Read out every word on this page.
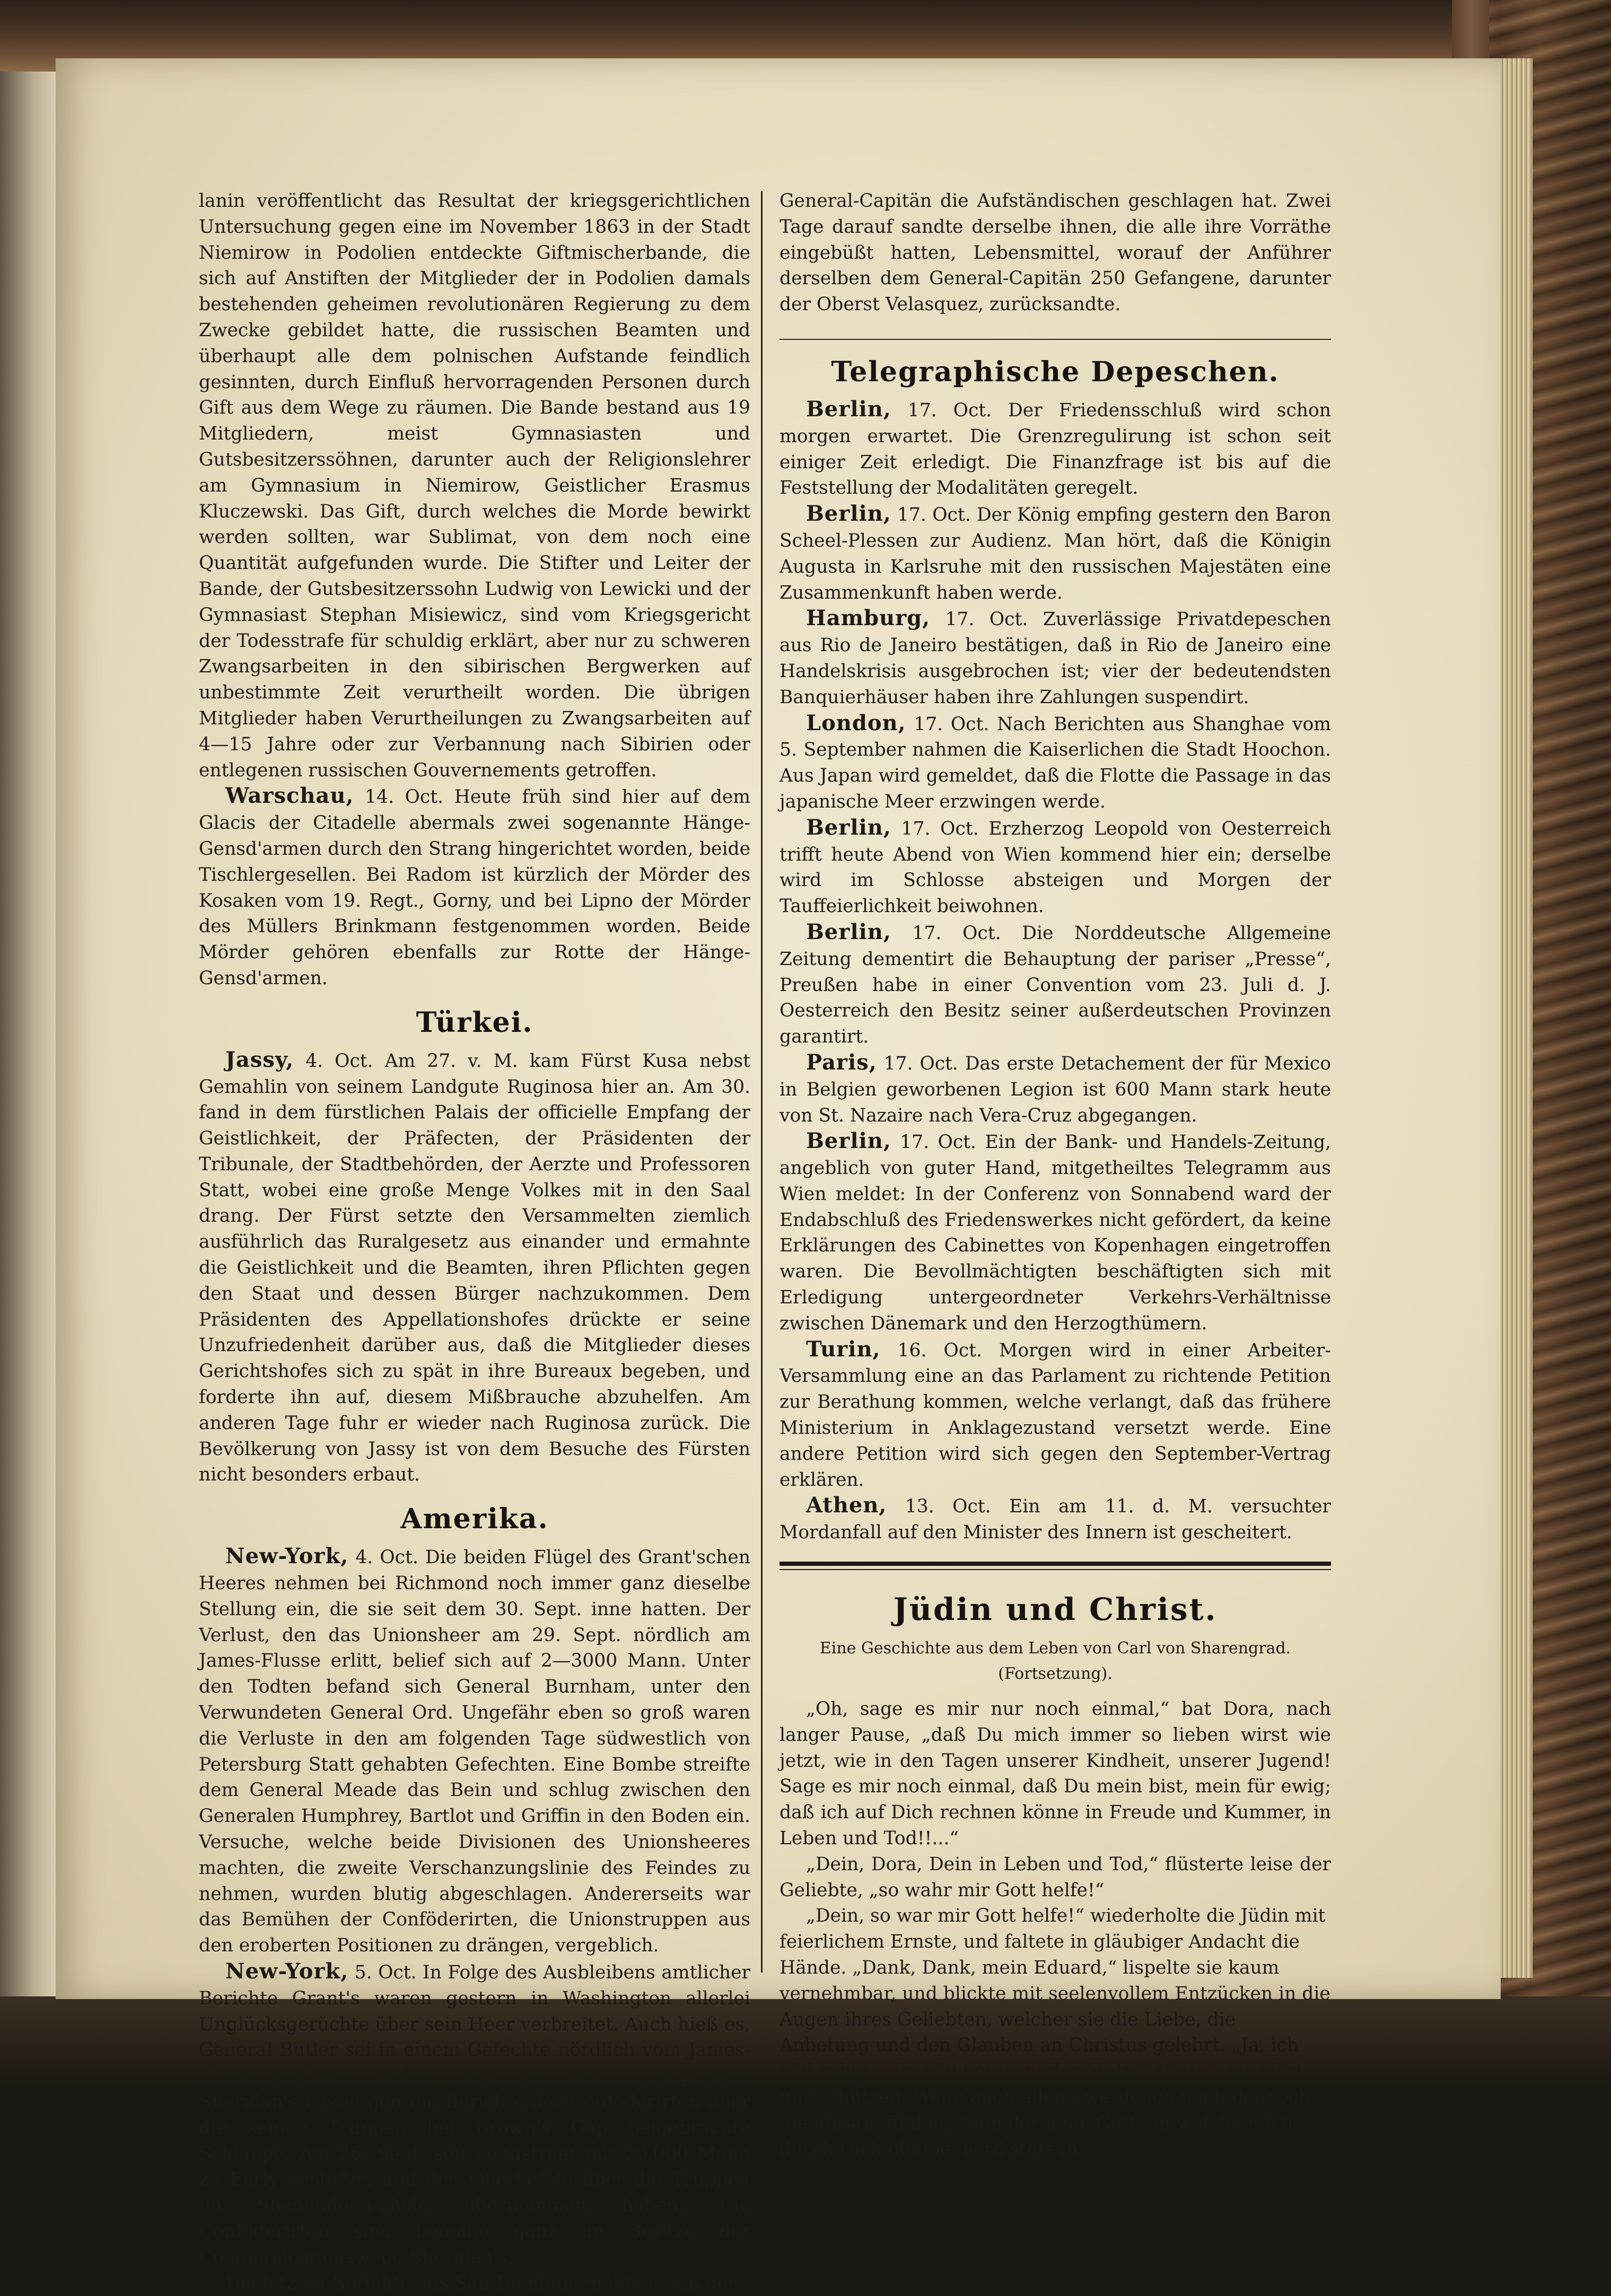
lanin veröffentlicht das Resultat der kriegsgerichtlichen Untersuchung gegen eine im November 1863 in der Stadt Niemirow in Podolien entdeckte Giftmischerbande, die sich auf Anstiften der Mitglieder der in Podolien damals bestehenden geheimen revolutionären Regierung zu dem Zwecke gebildet hatte, die russischen Beamten und überhaupt alle dem polnischen Aufstande feindlich gesinnten, durch Einfluß hervorragenden Personen durch Gift aus dem Wege zu räumen. Die Bande bestand aus 19 Mitgliedern, meist Gymnasiasten und Gutsbesitzerssöhnen, darunter auch der Religionslehrer am Gymnasium in Niemirow, Geistlicher Erasmus Kluczewski. Das Gift, durch welches die Morde bewirkt werden sollten, war Sublimat, von dem noch eine Quantität aufgefunden wurde. Die Stifter und Leiter der Bande, der Gutsbesitzerssohn Ludwig von Lewicki und der Gymnasiast Stephan Misiewicz, sind vom Kriegsgericht der Todesstrafe für schuldig erklärt, aber nur zu schweren Zwangsarbeiten in den sibirischen Bergwerken auf unbestimmte Zeit verurtheilt worden. Die übrigen Mitglieder haben Verurtheilungen zu Zwangsarbeiten auf 4—15 Jahre oder zur Verbannung nach Sibirien oder entlegenen russischen Gouvernements getroffen.

Warschau, 14. Oct. Heute früh sind hier auf dem Glacis der Citadelle abermals zwei sogenannte Hänge-Gensd'armen durch den Strang hingerichtet worden, beide Tischlergesellen. Bei Radom ist kürzlich der Mörder des Kosaken vom 19. Regt., Gorny, und bei Lipno der Mörder des Müllers Brinkmann festgenommen worden. Beide Mörder gehören ebenfalls zur Rotte der Hänge-Gensd'armen.

Türkei.

Jassy, 4. Oct. Am 27. v. M. kam Fürst Kusa nebst Gemahlin von seinem Landgute Ruginosa hier an. Am 30. fand in dem fürstlichen Palais der officielle Empfang der Geistlichkeit, der Präfecten, der Präsidenten der Tribunale, der Stadtbehörden, der Aerzte und Professoren Statt, wobei eine große Menge Volkes mit in den Saal drang. Der Fürst setzte den Versammelten ziemlich ausführlich das Ruralgesetz aus einander und ermahnte die Geistlichkeit und die Beamten, ihren Pflichten gegen den Staat und dessen Bürger nachzukommen. Dem Präsidenten des Appellationshofes drückte er seine Unzufriedenheit darüber aus, daß die Mitglieder dieses Gerichtshofes sich zu spät in ihre Bureaux begeben, und forderte ihn auf, diesem Mißbrauche abzuhelfen. Am anderen Tage fuhr er wieder nach Ruginosa zurück. Die Bevölkerung von Jassy ist von dem Besuche des Fürsten nicht besonders erbaut.

Amerika.

New-York, 4. Oct. Die beiden Flügel des Grant'schen Heeres nehmen bei Richmond noch immer ganz dieselbe Stellung ein, die sie seit dem 30. Sept. inne hatten. Der Verlust, den das Unionsheer am 29. Sept. nördlich am James-Flusse erlitt, belief sich auf 2—3000 Mann. Unter den Todten befand sich General Burnham, unter den Verwundeten General Ord. Ungefähr eben so groß waren die Verluste in den am folgenden Tage südwestlich von Petersburg Statt gehabten Gefechten. Eine Bombe streifte dem General Meade das Bein und schlug zwischen den Generalen Humphrey, Bartlot und Griffin in den Boden ein. Versuche, welche beide Divisionen des Unionsheeres machten, die zweite Verschanzungslinie des Feindes zu nehmen, wurden blutig abgeschlagen. Andererseits war das Bemühen der Conföderirten, die Unionstruppen aus den eroberten Positionen zu drängen, vergeblich.

New-York, 5. Oct. In Folge des Ausbleibens amtlicher Berichte Grant's waren gestern in Washington allerlei Unglücksgerüchte über sein Heer verbreitet. Auch hieß es, General Butler sei in einem Gefechte nördlich vom James-Flusse getödtet worden. Briefe aus dem Hauptquartier Sheridan's bestätigen die Berichte der Conföderirten über die seinen Truppen bei Brown's Gap beigebrachte Schlappe. Am 26. Sept. soll Longstreet mit 20,000 Mann zu Early gestoßen und den Oberbefehl über die Truppen im Shenandoah-Thale übernommen haben. Die Conföderirten sind beinahe ganz im Besitze der Communicationswege Sheridan's.

Die letzten Berichte aus San Domingo melden, daß der

General-Capitän die Aufständischen geschlagen hat. Zwei Tage darauf sandte derselbe ihnen, die alle ihre Vorräthe eingebüßt hatten, Lebensmittel, worauf der Anführer derselben dem General-Capitän 250 Gefangene, darunter der Oberst Velasquez, zurücksandte.

Telegraphische Depeschen.

Berlin, 17. Oct. Der Friedensschluß wird schon morgen erwartet. Die Grenzregulirung ist schon seit einiger Zeit erledigt. Die Finanzfrage ist bis auf die Feststellung der Modalitäten geregelt.

Berlin, 17. Oct. Der König empfing gestern den Baron Scheel-Plessen zur Audienz. Man hört, daß die Königin Augusta in Karlsruhe mit den russischen Majestäten eine Zusammenkunft haben werde.

Hamburg, 17. Oct. Zuverlässige Privatdepeschen aus Rio de Janeiro bestätigen, daß in Rio de Janeiro eine Handelskrisis ausgebrochen ist; vier der bedeutendsten Banquierhäuser haben ihre Zahlungen suspendirt.

London, 17. Oct. Nach Berichten aus Shanghae vom 5. September nahmen die Kaiserlichen die Stadt Hoochon. Aus Japan wird gemeldet, daß die Flotte die Passage in das japanische Meer erzwingen werde.

Berlin, 17. Oct. Erzherzog Leopold von Oesterreich trifft heute Abend von Wien kommend hier ein; derselbe wird im Schlosse absteigen und Morgen der Tauffeierlichkeit beiwohnen.

Berlin, 17. Oct. Die Norddeutsche Allgemeine Zeitung dementirt die Behauptung der pariser „Presse“, Preußen habe in einer Convention vom 23. Juli d. J. Oesterreich den Besitz seiner außerdeutschen Provinzen garantirt.

Paris, 17. Oct. Das erste Detachement der für Mexico in Belgien geworbenen Legion ist 600 Mann stark heute von St. Nazaire nach Vera-Cruz abgegangen.

Berlin, 17. Oct. Ein der Bank- und Handels-Zeitung, angeblich von guter Hand, mitgetheiltes Telegramm aus Wien meldet: In der Conferenz von Sonnabend ward der Endabschluß des Friedenswerkes nicht gefördert, da keine Erklärungen des Cabinettes von Kopenhagen eingetroffen waren. Die Bevollmächtigten beschäftigten sich mit Erledigung untergeordneter Verkehrs-Verhältnisse zwischen Dänemark und den Herzogthümern.

Turin, 16. Oct. Morgen wird in einer Arbeiter-Versammlung eine an das Parlament zu richtende Petition zur Berathung kommen, welche verlangt, daß das frühere Ministerium in Anklagezustand versetzt werde. Eine andere Petition wird sich gegen den September-Vertrag erklären.

Athen, 13. Oct. Ein am 11. d. M. versuchter Mordanfall auf den Minister des Innern ist gescheitert.

Jüdin und Christ.

Eine Geschichte aus dem Leben von Carl von Sharengrad.

(Fortsetzung).

„Oh, sage es mir nur noch einmal,“ bat Dora, nach langer Pause, „daß Du mich immer so lieben wirst wie jetzt, wie in den Tagen unserer Kindheit, unserer Jugend! Sage es mir noch einmal, daß Du mein bist, mein für ewig; daß ich auf Dich rechnen könne in Freude und Kummer, in Leben und Tod!!...“

„Dein, Dora, Dein in Leben und Tod,“ flüsterte leise der Geliebte, „so wahr mir Gott helfe!“

„Dein, so war mir Gott helfe!“ wiederholte die Jüdin mit feierlichem Ernste, und faltete in gläubiger Andacht die Hände. „Dank, Dank, mein Eduard,“ lispelte sie kaum vernehmbar, und blickte mit seelenvollem Entzücken in die Augen ihres Geliebten, welcher sie die Liebe, die Anbetung und den Glauben an Christus gelehrt. „Ja, ich will ruhig sein, will beten zu der Mutter Gottes, sie wird uns schützen. Wenn auch allein, werde ich mich dennoch nie einsam fühlen, denn der neue Gott, an welchem ich durch Dich glaube, wird stets in
